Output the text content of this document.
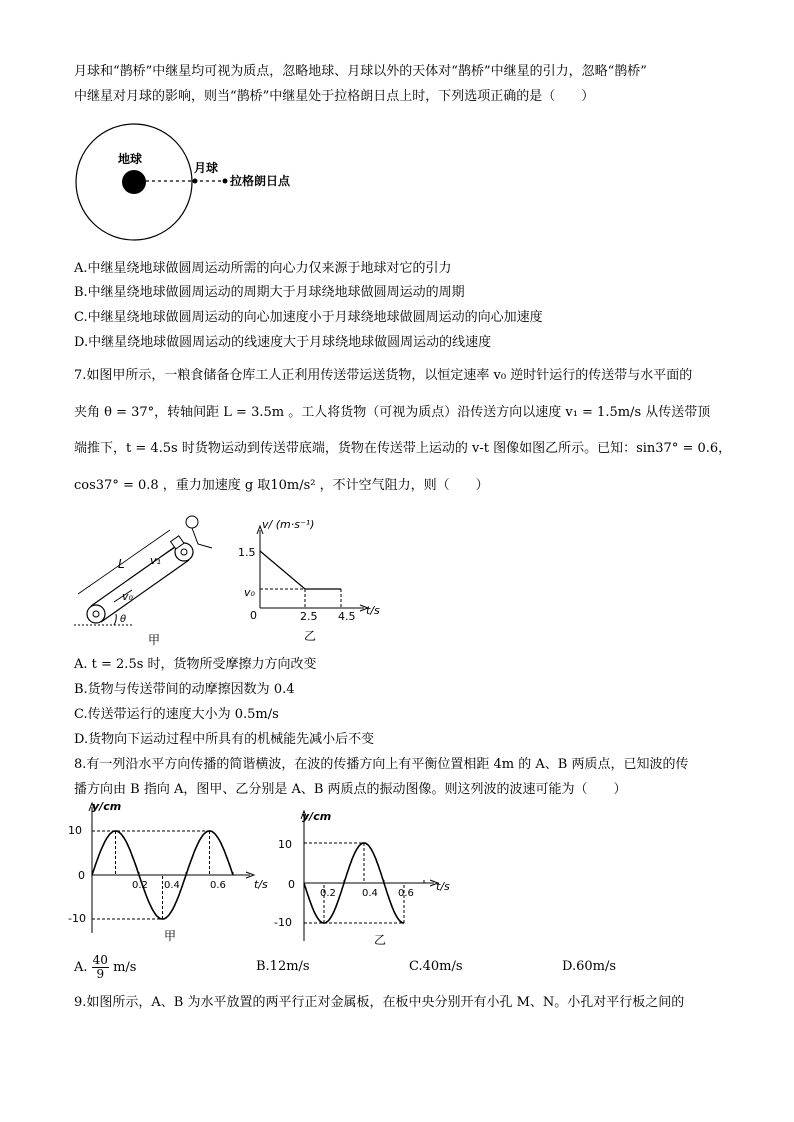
月球和“鹊桥”中继星均可视为质点，忽略地球、月球以外的天体对“鹊桥”中继星的引力，忽略“鹊桥”
中继星对月球的影响，则当“鹊桥”中继星处于拉格朗日点上时，下列选项正确的是（　　）
地球
月球
拉格朗日点
A.中继星绕地球做圆周运动所需的向心力仅来源于地球对它的引力
B.中继星绕地球做圆周运动的周期大于月球绕地球做圆周运动的周期
C.中继星绕地球做圆周运动的向心加速度小于月球绕地球做圆周运动的向心加速度
D.中继星绕地球做圆周运动的线速度大于月球绕地球做圆周运动的线速度
7.如图甲所示，一粮食储备仓库工人正利用传送带运送货物，以恒定速率 v₀ 逆时针运行的传送带与水平面的
夹角 θ = 37°，转轴间距 L = 3.5m 。工人将货物（可视为质点）沿传送方向以速度 v₁ = 1.5m/s 从传送带顶
端推下，t = 4.5s 时货物运动到传送带底端，货物在传送带上运动的 v-t 图像如图乙所示。已知：sin37° = 0.6，
cos37° = 0.8 ，重力加速度 g 取10m/s² ，不计空气阻力，则（　　）
L v₁
v₀
θ
甲
v/ (m·s⁻¹)
1.5
v₀
0	2.5 4.5 t/s
乙
A. t = 2.5s 时，货物所受摩擦力方向改变
B.货物与传送带间的动摩擦因数为 0.4
C.传送带运行的速度大小为 0.5m/s
D.货物向下运动过程中所具有的机械能先减小后不变
8.有一列沿水平方向传播的简谐横波，在波的传播方向上有平衡位置相距 4m 的 A、B 两质点，已知波的传
播方向由 B 指向 A，图甲、乙分别是 A、B 两质点的振动图像。则这列波的波速可能为（　　）
y/cm
10
0
-10
0.2 0.4	0.6	t/s
甲
y/cm
10
0
-10
0.2	0.4 0.6
t/s
乙
A. $\frac{40}{9} m/s$	B.12m/s	C.40m/s	D.60m/s
9.如图所示，A、B 为水平放置的两平行正对金属板，在板中央分别开有小孔 M、N。小孔对平行板之间的
